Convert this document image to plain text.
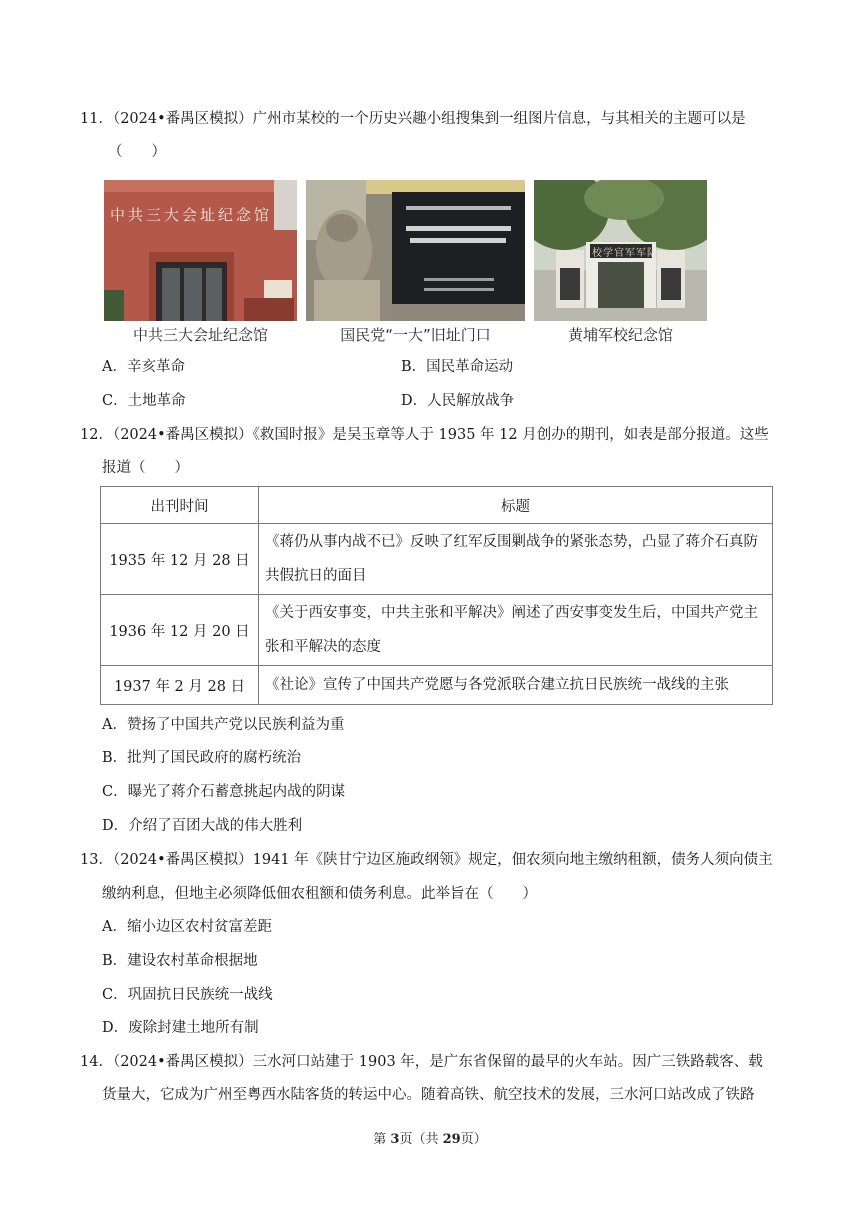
11．（2024•番禺区模拟）广州市某校的一个历史兴趣小组搜集到一组图片信息，与其相关的主题可以是
（　　）
中共三大会址纪念馆
校学官军军陆
中共三大会址纪念馆	国民党“一大”旧址门口	黄埔军校纪念馆
A．辛亥革命	B．国民革命运动
C．土地革命	D．人民解放战争
12．（2024•番禺区模拟）《救国时报》是吴玉章等人于 1935 年 12 月创办的期刊，如表是部分报道。这些
报道（　　）
出刊时间	标题
1935 年 12 月 28 日	《蒋仍从事内战不已》反映了红军反围剿战争的紧张态势，凸显了蒋介石真防
共假抗日的面目
1936 年 12 月 20 日	《关于西安事变，中共主张和平解决》阐述了西安事变发生后，中国共产党主
张和平解决的态度
1937 年 2 月 28 日	《社论》宣传了中国共产党愿与各党派联合建立抗日民族统一战线的主张
A．赞扬了中国共产党以民族利益为重
B．批判了国民政府的腐朽统治
C．曝光了蒋介石蓄意挑起内战的阴谋
D．介绍了百团大战的伟大胜利
13．（2024•番禺区模拟）1941 年《陕甘宁边区施政纲领》规定，佃农须向地主缴纳租额，债务人须向债主
缴纳利息，但地主必须降低佃农租额和债务利息。此举旨在（　　）
A．缩小边区农村贫富差距
B．建设农村革命根据地
C．巩固抗日民族统一战线
D．废除封建土地所有制
14．（2024•番禺区模拟）三水河口站建于 1903 年，是广东省保留的最早的火车站。因广三铁路载客、载
货量大，它成为广州至粤西水陆客货的转运中心。随着高铁、航空技术的发展，三水河口站改成了铁路
第 3页（共 29页）
